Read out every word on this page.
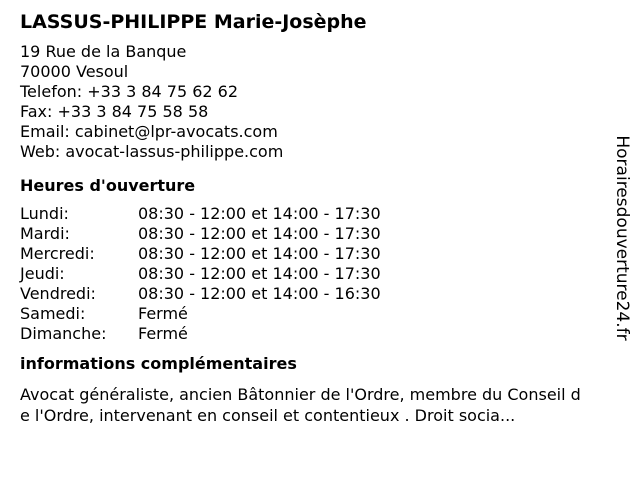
LASSUS-PHILIPPE Marie-Josèphe
19 Rue de la Banque
70000 Vesoul
Telefon: +33 3 84 75 62 62
Fax: +33 3 84 75 58 58
Email: cabinet@lpr-avocats.com
Web: avocat-lassus-philippe.com
Heures d'ouverture
Lundi:	08:30 - 12:00 et 14:00 - 17:30
Mardi:	08:30 - 12:00 et 14:00 - 17:30
Mercredi:	08:30 - 12:00 et 14:00 - 17:30
Jeudi:	08:30 - 12:00 et 14:00 - 17:30
Vendredi:	08:30 - 12:00 et 14:00 - 16:30
Samedi:	Fermé
Dimanche:	Fermé
informations complémentaires
Avocat généraliste, ancien Bâtonnier de l'Ordre, membre du Conseil de l'Ordre, intervenant en conseil et contentieux . Droit socia...
Horairesdouverture24.fr
